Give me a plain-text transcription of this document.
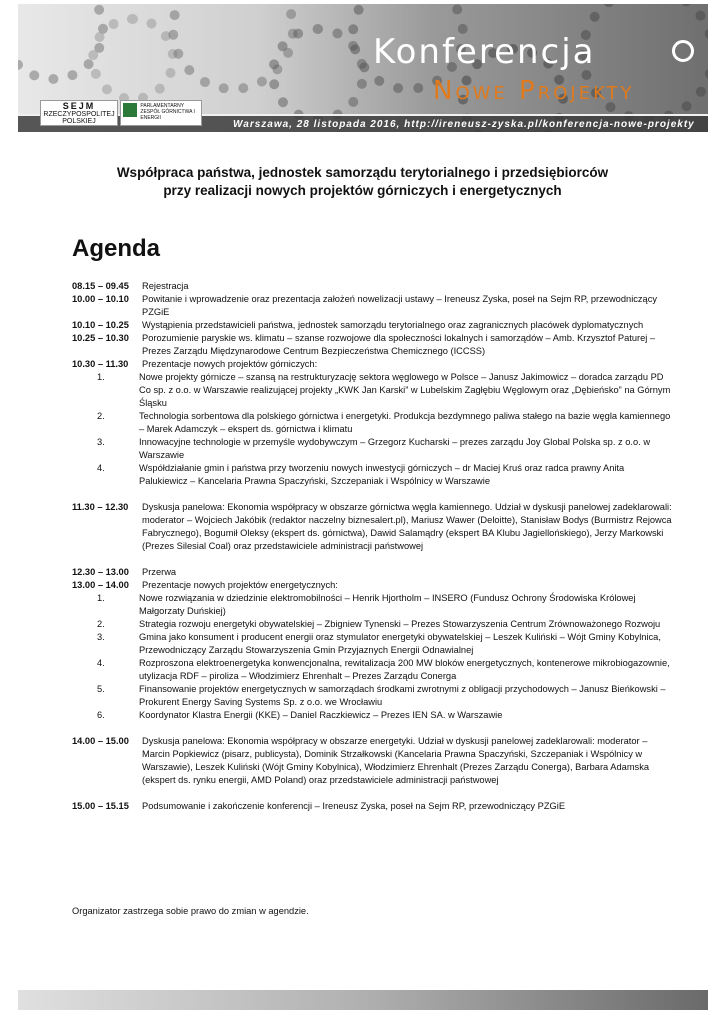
Konferencja
Nowe Projekty
Warszawa, 28 listopada 2016, http://ireneusz-zyska.pl/konferencja-nowe-projekty
SEJM
RZECZYPOSPOLITEJ POLSKIEJ
PARLAMENTARNY ZESPÓŁ GÓRNICTWA I ENERGII
Współpraca państwa, jednostek samorządu terytorialnego i przedsiębiorców
przy realizacji nowych projektów górniczych i energetycznych
Agenda
08.15 – 09.45	Rejestracja
10.00 – 10.10	Powitanie i wprowadzenie oraz prezentacja założeń nowelizacji ustawy – Ireneusz Zyska, poseł na Sejm RP, przewodniczący PZGiE
10.10 – 10.25	Wystąpienia przedstawicieli państwa, jednostek samorządu terytorialnego oraz zagranicznych placówek dyplomatycznych
10.25 – 10.30	Porozumienie paryskie ws. klimatu – szanse rozwojowe dla społeczności lokalnych i samorządów – Amb. Krzysztof Paturej – Prezes Zarządu Międzynarodowe Centrum Bezpieczeństwa Chemicznego (ICCSS)
10.30 – 11.30	Prezentacje nowych projektów górniczych:
1.	Nowe projekty górnicze – szansą na restrukturyzację sektora węglowego w Polsce – Janusz Jakimowicz – doradca zarządu PD Co sp. z o.o. w Warszawie realizującej projekty „KWK Jan Karski” w Lubelskim Zagłębiu Węglowym oraz „Dębieńsko” na Górnym Śląsku
2.	Technologia sorbentowa dla polskiego górnictwa i energetyki. Produkcja bezdymnego paliwa stałego na bazie węgla kamiennego – Marek Adamczyk – ekspert ds. górnictwa i klimatu
3.	Innowacyjne technologie w przemyśle wydobywczym – Grzegorz Kucharski – prezes zarządu Joy Global Polska sp. z o.o. w Warszawie
4.	Współdziałanie gmin i państwa przy tworzeniu nowych inwestycji górniczych – dr Maciej Kruś oraz radca prawny Anita Palukiewicz – Kancelaria Prawna Spaczyński, Szczepaniak i Wspólnicy w Warszawie
11.30 – 12.30	Dyskusja panelowa: Ekonomia współpracy w obszarze górnictwa węgla kamiennego. Udział w dyskusji panelowej zadeklarowali: moderator – Wojciech Jakóbik (redaktor naczelny biznesalert.pl), Mariusz Wawer (Deloitte), Stanisław Bodys (Burmistrz Rejowca Fabrycznego), Bogumił Oleksy (ekspert ds. górnictwa), Dawid Salamądry (ekspert BA Klubu Jagiellońskiego), Jerzy Markowski (Prezes Silesial Coal) oraz przedstawiciele administracji państwowej
12.30 – 13.00	Przerwa
13.00 – 14.00	Prezentacje nowych projektów energetycznych:
1.	Nowe rozwiązania w dziedzinie elektromobilności – Henrik Hjortholm – INSERO (Fundusz Ochrony Środowiska Królowej Małgorzaty Duńskiej)
2.	Strategia rozwoju energetyki obywatelskiej – Zbigniew Tynenski – Prezes Stowarzyszenia Centrum Zrównoważonego Rozwoju
3.	Gmina jako konsument i producent energii oraz stymulator energetyki obywatelskiej – Leszek Kuliński – Wójt Gminy Kobylnica, Przewodniczący Zarządu Stowarzyszenia Gmin Przyjaznych Energii Odnawialnej
4.	Rozproszona elektroenergetyka konwencjonalna, rewitalizacja 200 MW bloków energetycznych, kontenerowe mikrobiogazownie, utylizacja RDF – piroliza – Włodzimierz Ehrenhalt – Prezes Zarządu Conerga
5.	Finansowanie projektów energetycznych w samorządach środkami zwrotnymi z obligacji przychodowych – Janusz Bieńkowski – Prokurent Energy Saving Systems Sp. z o.o. we Wrocławiu
6.	Koordynator Klastra Energii (KKE) – Daniel Raczkiewicz – Prezes IEN SA. w Warszawie
14.00 – 15.00	Dyskusja panelowa: Ekonomia współpracy w obszarze energetyki. Udział w dyskusji panelowej zadeklarowali: moderator – Marcin Popkiewicz (pisarz, publicysta), Dominik Strzałkowski (Kancelaria Prawna Spaczyński, Szczepaniak i Wspólnicy w Warszawie), Leszek Kuliński (Wójt Gminy Kobylnica), Włodzimierz Ehrenhalt (Prezes Zarządu Conerga), Barbara Adamska (ekspert ds. rynku energii, AMD Poland) oraz przedstawiciele administracji państwowej
15.00 – 15.15	Podsumowanie i zakończenie konferencji – Ireneusz Zyska, poseł na Sejm RP, przewodniczący PZGiE
Organizator zastrzega sobie prawo do zmian w agendzie.
